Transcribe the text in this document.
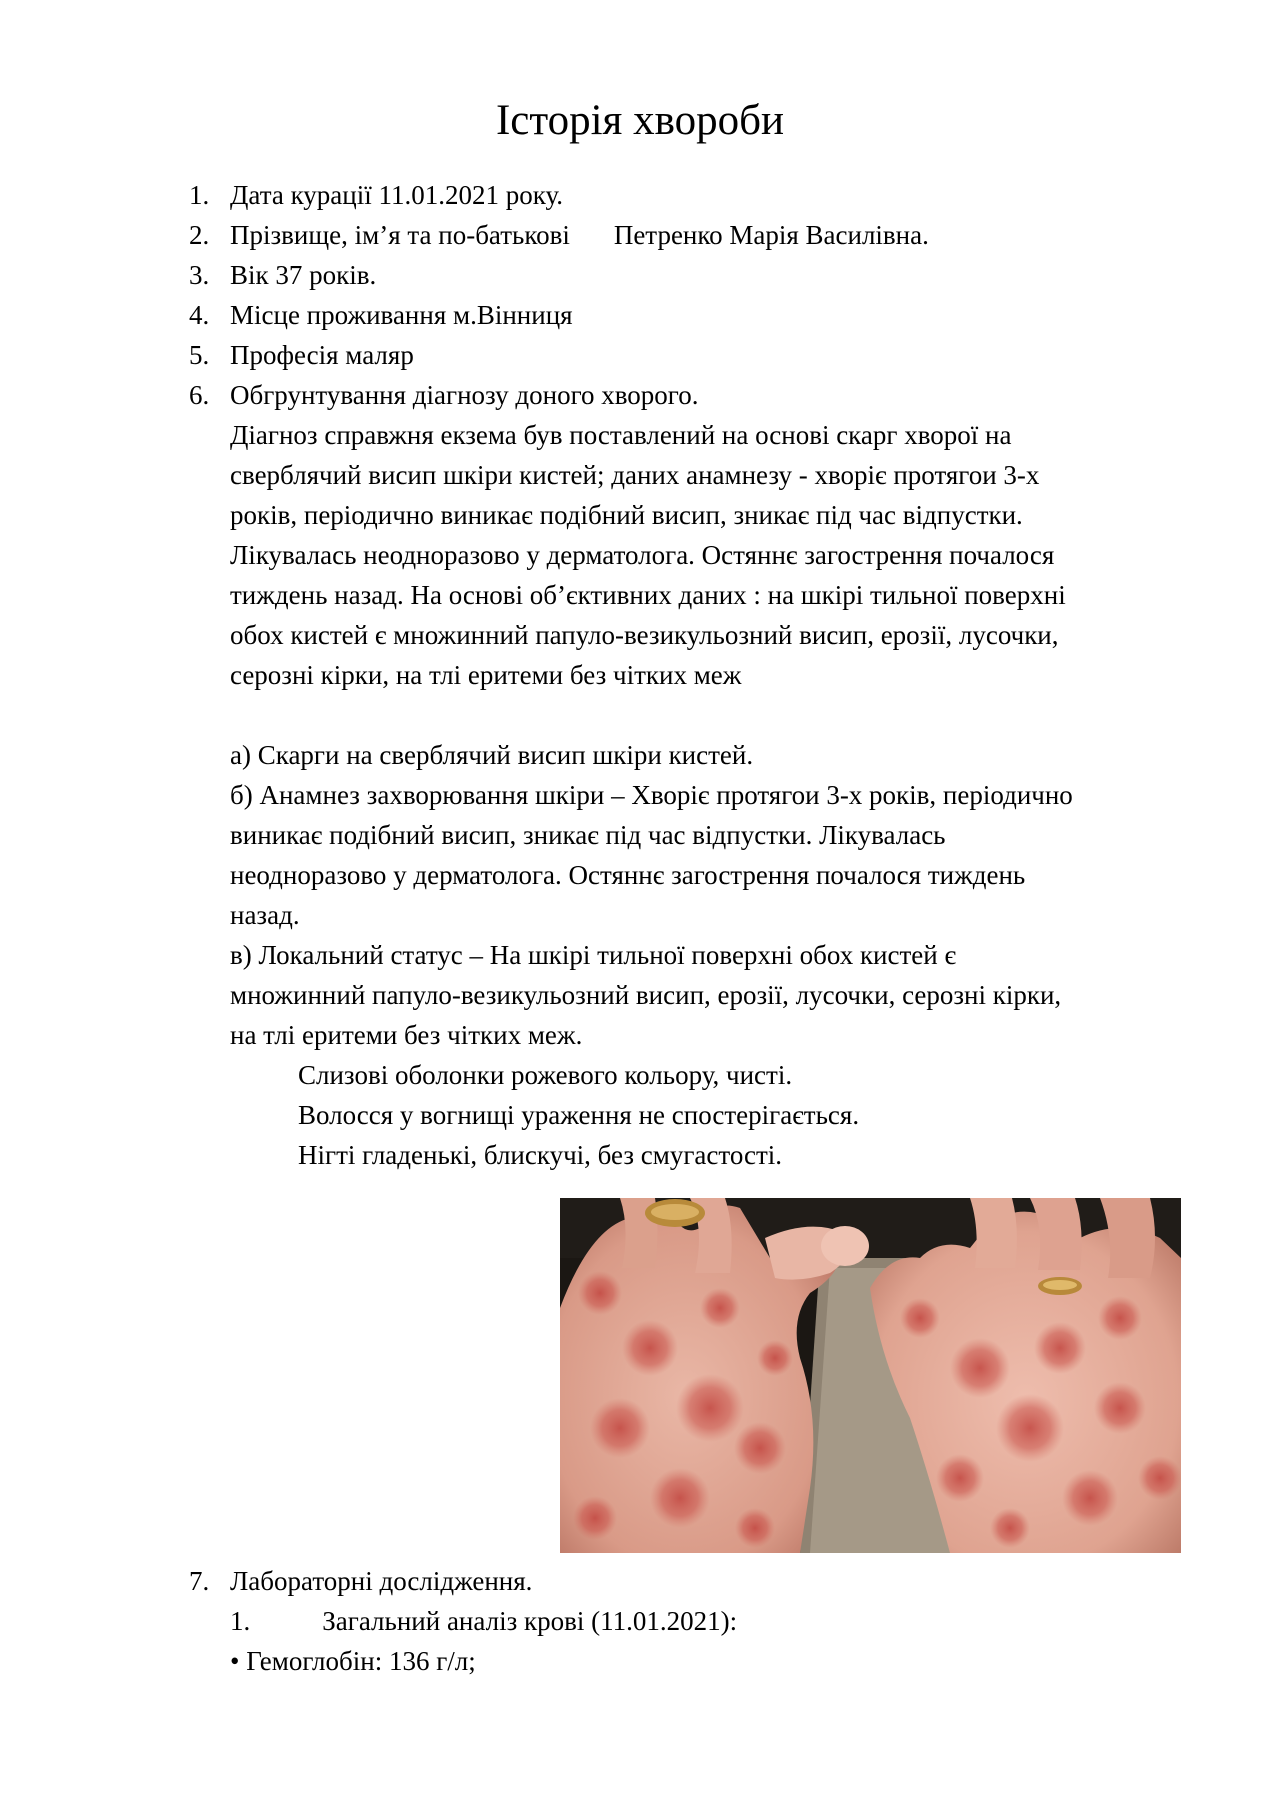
Історія хвороби
1. Дата курації 11.01.2021 року.
2. Прізвище, ім’я та по-батькові Петренко Марія Василівна.
3. Вік 37 років.
4. Місце проживання м.Вінниця
5. Професія маляр
6. Обгрунтування діагнозу доного хворого.
Діагноз справжня екзема був поставлений на основі скарг хворої на
сверблячий висип шкіри кистей; даних анамнезу - хворіє протягои 3-х
років, періодично виникає подібний висип, зникає під час відпустки.
Лікувалась неодноразово у дерматолога. Остяннє загострення почалося
тиждень назад. На основі об’єктивних даних : на шкірі тильної поверхні
обох кистей є множинний папуло-везикульозний висип, ерозії, лусочки,
серозні кірки, на тлі еритеми без чітких меж
а) Скарги на сверблячий висип шкіри кистей.
б) Анамнез захворювання шкіри – Хворіє протягои 3-х років, періодично
виникає подібний висип, зникає під час відпустки. Лікувалась
неодноразово у дерматолога. Остяннє загострення почалося тиждень
назад.
в) Локальний статус – На шкірі тильної поверхні обох кистей є
множинний папуло-везикульозний висип, ерозії, лусочки, серозні кірки,
на тлі еритеми без чітких меж.
Слизові оболонки рожевого кольору, чисті.
Волосся у вогнищі ураження не спостерігається.
Нігті гладенькі, блискучі, без смугастості.
7. Лабораторні дослідження.
1.	Загальний аналіз крові (11.01.2021):
• Гемоглобін: 136 г/л;
